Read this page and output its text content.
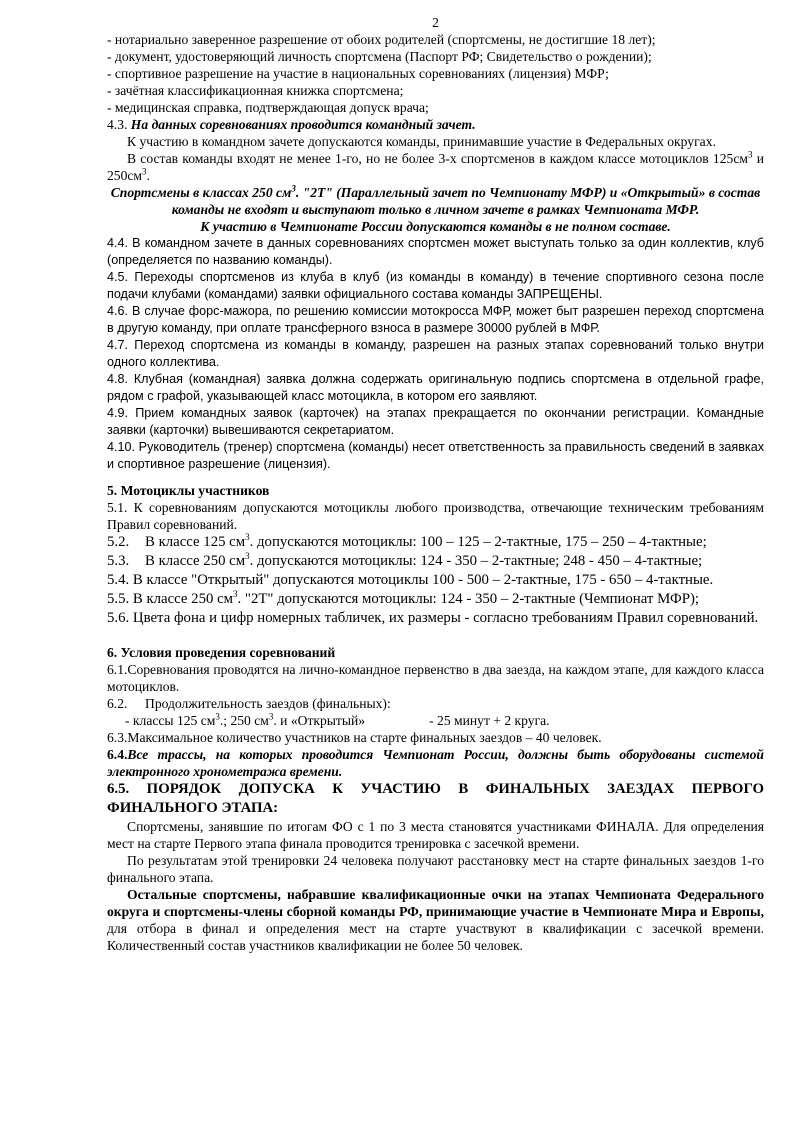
2

- нотариально заверенное разрешение от обоих родителей (спортсмены, не достигшие 18 лет);

- документ, удостоверяющий личность спортсмена (Паспорт РФ; Свидетельство о рождении);

- спортивное разрешение на участие в национальных соревнованиях (лицензия) МФР;

- зачётная классификационная книжка спортсмена;

- медицинская справка, подтверждающая допуск врача;

4.3. На данных соревнованиях проводится командный зачет.

К участию в командном зачете допускаются команды, принимавшие участие в Федеральных округах.

В состав команды входят не менее 1-го, но не более 3-х спортсменов в каждом классе мотоциклов $125см^3$ и $250см^3$.

Спортсмены в классах 250 $см^3$. "2Т" (Параллельный зачет по Чемпионату МФР) и «Открытый» в состав команды не входят и выступают только в личном зачете в рамках Чемпионата МФР.

К участию в Чемпионате России допускаются команды в не полном составе.

4.4. В командном зачете в данных соревнованиях спортсмен может выступать только за один коллектив, клуб (определяется по названию команды).

4.5. Переходы спортсменов из клуба в клуб (из команды в команду) в течение спортивного сезона после подачи клубами (командами) заявки официального состава команды ЗАПРЕЩЕНЫ.

4.6. В случае форс-мажора, по решению комиссии мотокросса МФР, может быт разрешен переход спортсмена в другую команду, при оплате трансферного взноса в размере 30000 рублей в МФР.

4.7. Переход спортсмена из команды в команду, разрешен на разных этапах соревнований только внутри одного коллектива.

4.8. Клубная (командная) заявка должна содержать оригинальную подпись спортсмена в отдельной графе, рядом с графой, указывающей класс мотоцикла, в котором его заявляют.

4.9. Прием командных заявок (карточек) на этапах прекращается по окончании регистрации. Командные заявки (карточки) вывешиваются секретариатом.

4.10. Руководитель (тренер) спортсмена (команды) несет ответственность за правильность сведений в заявках и спортивное разрешение (лицензия).

5. Мотоциклы участников

5.1. К соревнованиям допускаются мотоциклы любого производства, отвечающие техническим требованиям Правил соревнований.

5.2. В классе 125 $см^3$. допускаются мотоциклы: 100 – 125 – 2-тактные, 175 – 250 – 4-тактные;

5.3. В классе 250 $см^3$. допускаются мотоциклы: 124 - 350 – 2-тактные; 248 - 450 – 4-тактные;

5.4. В классе "Открытый" допускаются мотоциклы 100 - 500 – 2-тактные, 175 - 650 – 4-тактные.

5.5. В классе 250 $см^3$. "2Т" допускаются мотоциклы: 124 - 350 – 2-тактные (Чемпионат МФР);

5.6. Цвета фона и цифр номерных табличек, их размеры - согласно требованиям Правил соревнований.

6. Условия проведения соревнований

6.1.Соревнования проводятся на лично-командное первенство в два заезда, на каждом этапе, для каждого класса мотоциклов.

6.2. Продолжительность заездов (финальных):

- классы 125 $см^3$.; 250 $см^3$. и «Открытый»	- 25 минут + 2 круга.

6.3.Максимальное количество участников на старте финальных заездов – 40 человек.

6.4.Все трассы, на которых проводится Чемпионат России, должны быть оборудованы системой электронного хронометража времени.

6.5. ПОРЯДОК ДОПУСКА К УЧАСТИЮ В ФИНАЛЬНЫХ ЗАЕЗДАХ ПЕРВОГО ФИНАЛЬНОГО ЭТАПА:

Спортсмены, занявшие по итогам ФО с 1 по 3 места становятся участниками ФИНАЛА. Для определения мест на старте Первого этапа финала проводится тренировка с засечкой времени.

По результатам этой тренировки 24 человека получают расстановку мест на старте финальных заездов 1-го финального этапа.

Остальные спортсмены, набравшие квалификационные очки на этапах Чемпионата Федерального округа и спортсмены-члены сборной команды РФ, принимающие участие в Чемпионате Мира и Европы, для отбора в финал и определения мест на старте участвуют в квалификации с засечкой времени. Количественный состав участников квалификации не более 50 человек.
